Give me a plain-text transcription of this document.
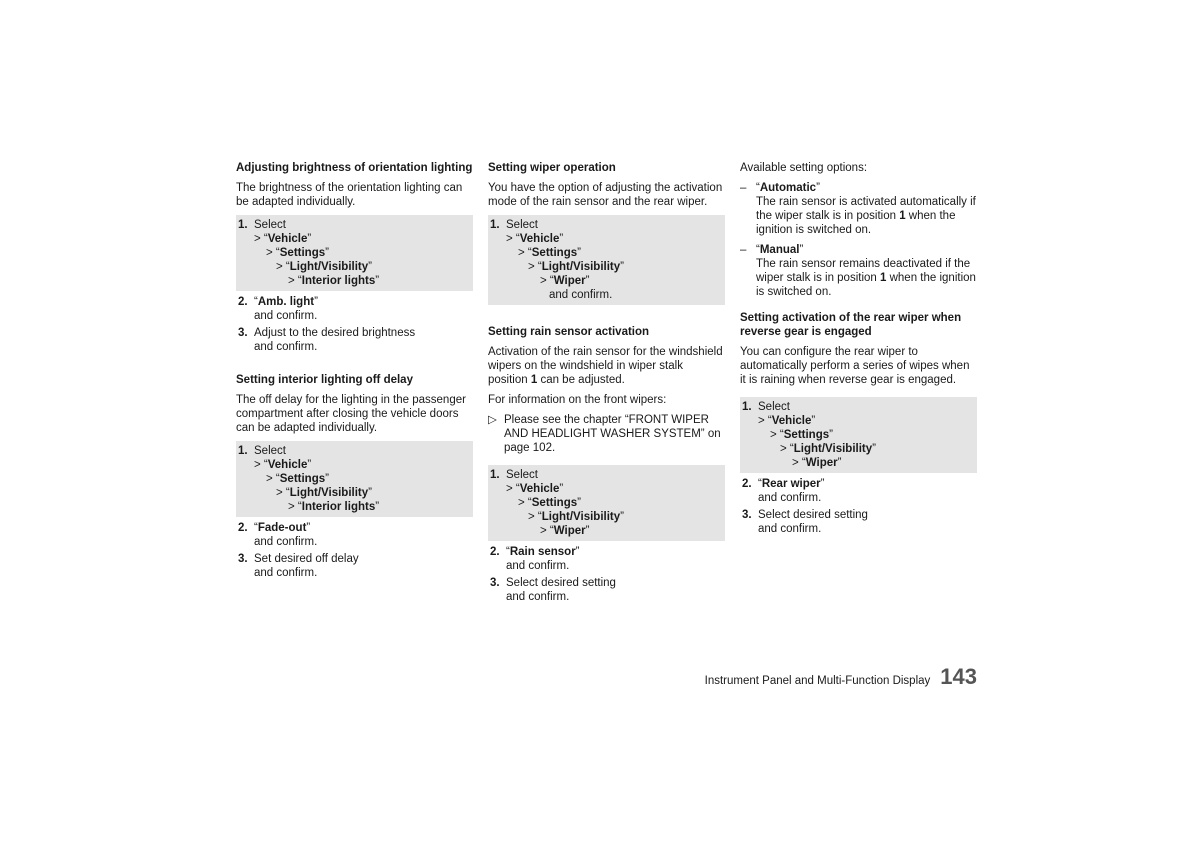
Adjusting brightness of orientation lighting
The brightness of the orientation lighting can be adapted individually.
1. Select
> “Vehicle”
> “Settings”
> “Light/Visibility”
> “Interior lights”
2. “Amb. light”
and confirm.
3. Adjust to the desired brightness
and confirm.
Setting interior lighting off delay
The off delay for the lighting in the passenger compartment after closing the vehicle doors can be adapted individually.
1. Select
> “Vehicle”
> “Settings”
> “Light/Visibility”
> “Interior lights”
2. “Fade-out”
and confirm.
3. Set desired off delay
and confirm.
Setting wiper operation
You have the option of adjusting the activation mode of the rain sensor and the rear wiper.
1. Select
> “Vehicle”
> “Settings”
> “Light/Visibility”
> “Wiper”
and confirm.
Setting rain sensor activation
Activation of the rain sensor for the windshield wipers on the windshield in wiper stalk position 1 can be adjusted.
For information on the front wipers:
▷ Please see the chapter “FRONT WIPER AND HEADLIGHT WASHER SYSTEM” on page 102.
1. Select
> “Vehicle”
> “Settings”
> “Light/Visibility”
> “Wiper”
2. “Rain sensor”
and confirm.
3. Select desired setting
and confirm.
Available setting options:
– “Automatic”
The rain sensor is activated automatically if the wiper stalk is in position 1 when the ignition is switched on.
– “Manual”
The rain sensor remains deactivated if the wiper stalk is in position 1 when the ignition is switched on.
Setting activation of the rear wiper when reverse gear is engaged
You can configure the rear wiper to automatically perform a series of wipes when it is raining when reverse gear is engaged.
1. Select
> “Vehicle”
> “Settings”
> “Light/Visibility”
> “Wiper”
2. “Rear wiper”
and confirm.
3. Select desired setting
and confirm.
Instrument Panel and Multi-Function Display 143
